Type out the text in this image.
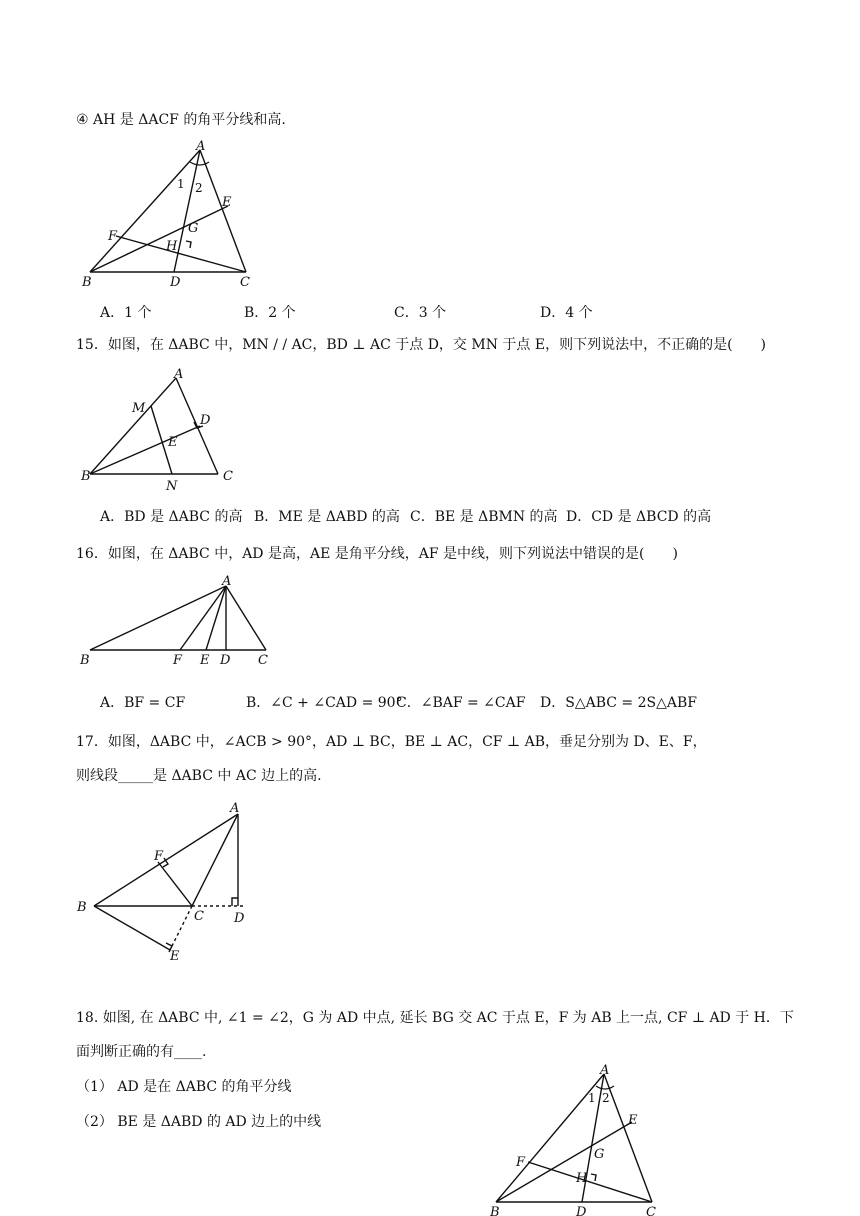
④ AH 是 ΔACF 的角平分线和高.
A
1 2
E
G
H
F
B	D	C
A．1 个	B．2 个	C．3 个	D．4 个
15．如图，在 ΔABC 中，MN / / AC，BD ⊥ AC 于点 D，交 MN 于点 E，则下列说法中，不正确的是(　　)
A
M
D
E
B	C
N
A．BD 是 ΔABC 的高 B．ME 是 ΔABD 的高 C．BE 是 ΔBMN 的高 D．CD 是 ΔBCD 的高
16．如图，在 ΔABC 中，AD 是高，AE 是角平分线，AF 是中线，则下列说法中错误的是(　　)
A
B	F E D C
A．BF = CF	B．∠C + ∠CAD = 90°
C．∠BAF = ∠CAF D．S△ABC = 2S△ABF
17．如图，ΔABC 中，∠ACB > 90°，AD ⊥ BC，BE ⊥ AC，CF ⊥ AB，垂足分别为 D、E、F，
则线段_____是 ΔABC 中 AC 边上的高.
A
F
B
C D
E
18. 如图, 在 ΔABC 中, ∠1 = ∠2，G 为 AD 中点, 延长 BG 交 AC 于点 E，F 为 AB 上一点, CF ⊥ AD 于 H．下
面判断正确的有____.
（1） AD 是在 ΔABC 的角平分线
（2） BE 是 ΔABD 的 AD 边上的中线
A
1 2
E
G
H
F
B	D	C
